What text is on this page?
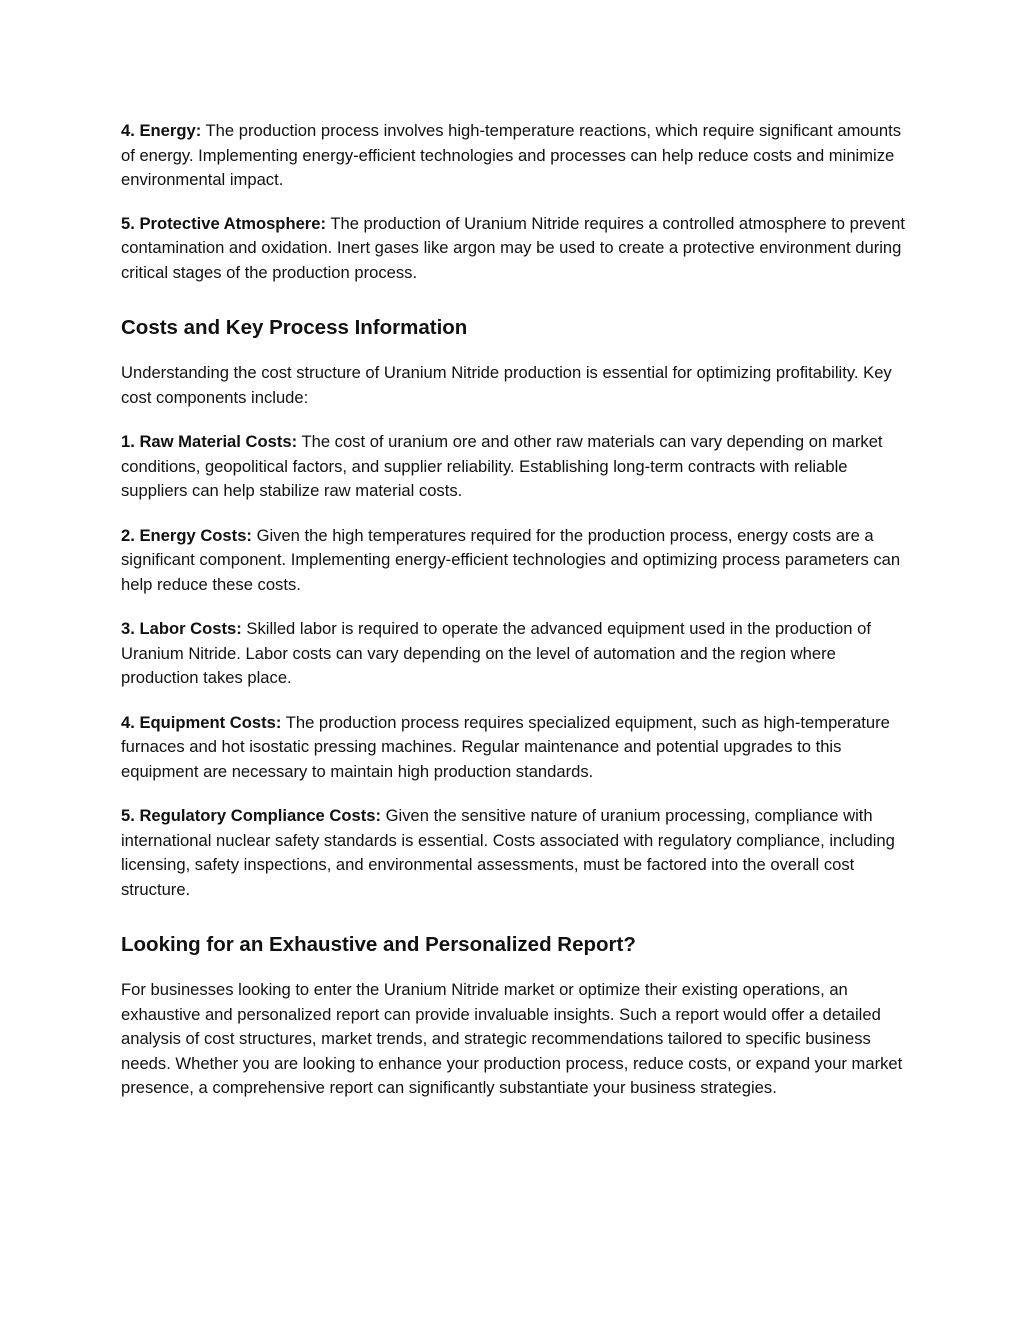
4. Energy: The production process involves high-temperature reactions, which require significant amounts of energy. Implementing energy-efficient technologies and processes can help reduce costs and minimize environmental impact.

5. Protective Atmosphere: The production of Uranium Nitride requires a controlled atmosphere to prevent contamination and oxidation. Inert gases like argon may be used to create a protective environment during critical stages of the production process.

Costs and Key Process Information

Understanding the cost structure of Uranium Nitride production is essential for optimizing profitability. Key cost components include:

1. Raw Material Costs: The cost of uranium ore and other raw materials can vary depending on market conditions, geopolitical factors, and supplier reliability. Establishing long-term contracts with reliable suppliers can help stabilize raw material costs.

2. Energy Costs: Given the high temperatures required for the production process, energy costs are a significant component. Implementing energy-efficient technologies and optimizing process parameters can help reduce these costs.

3. Labor Costs: Skilled labor is required to operate the advanced equipment used in the production of Uranium Nitride. Labor costs can vary depending on the level of automation and the region where production takes place.

4. Equipment Costs: The production process requires specialized equipment, such as high-temperature furnaces and hot isostatic pressing machines. Regular maintenance and potential upgrades to this equipment are necessary to maintain high production standards.

5. Regulatory Compliance Costs: Given the sensitive nature of uranium processing, compliance with international nuclear safety standards is essential. Costs associated with regulatory compliance, including licensing, safety inspections, and environmental assessments, must be factored into the overall cost structure.

Looking for an Exhaustive and Personalized Report?

For businesses looking to enter the Uranium Nitride market or optimize their existing operations, an exhaustive and personalized report can provide invaluable insights. Such a report would offer a detailed analysis of cost structures, market trends, and strategic recommendations tailored to specific business needs. Whether you are looking to enhance your production process, reduce costs, or expand your market presence, a comprehensive report can significantly substantiate your business strategies.
